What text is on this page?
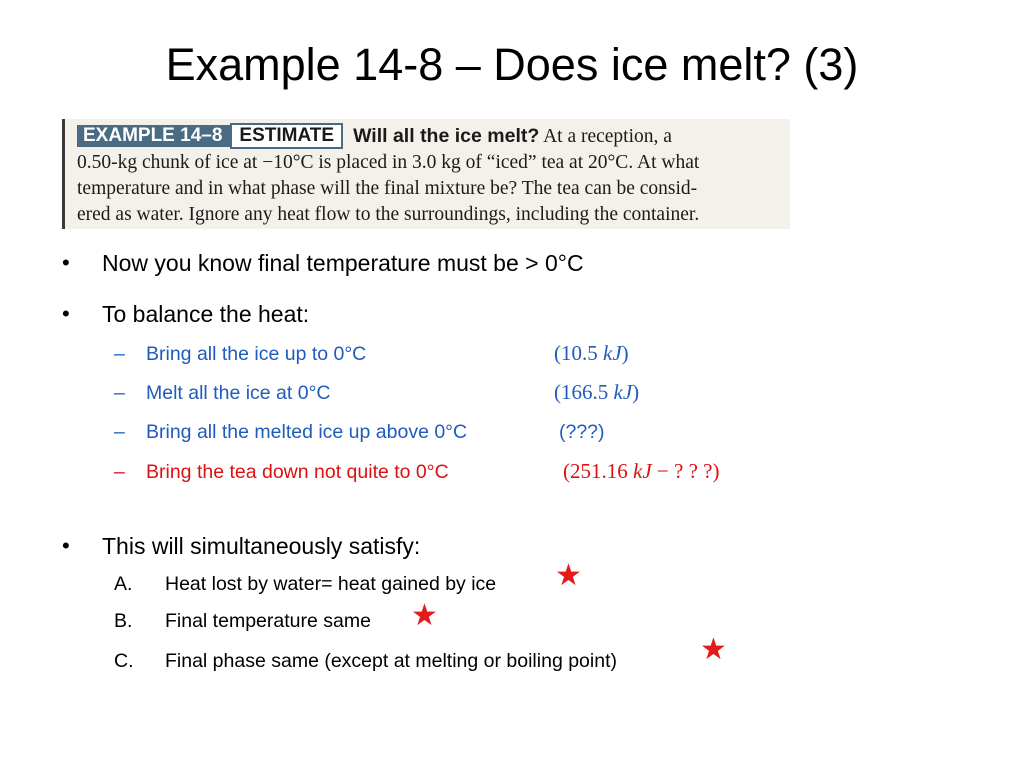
Example 14-8 – Does ice melt? (3)
EXAMPLE 14–8 ESTIMATE Will all the ice melt? At a reception, a
0.50-kg chunk of ice at −10°C is placed in 3.0 kg of “iced” tea at 20°C. At what
temperature and in what phase will the final mixture be? The tea can be consid-
ered as water. Ignore any heat flow to the surroundings, including the container.
• Now you know final temperature must be > 0°C
• To balance the heat:
– Bring all the ice up to 0°C	(10.5 kJ)
– Melt all the ice at 0°C	(166.5 kJ)
– Bring all the melted ice up above 0°C	(???)
– Bring the tea down not quite to 0°C	(251.16 kJ − ? ? ?)
• This will simultaneously satisfy:
A. Heat lost by water= heat gained by ice ★
B. Final temperature same ★
C. Final phase same (except at melting or boiling point)	★
